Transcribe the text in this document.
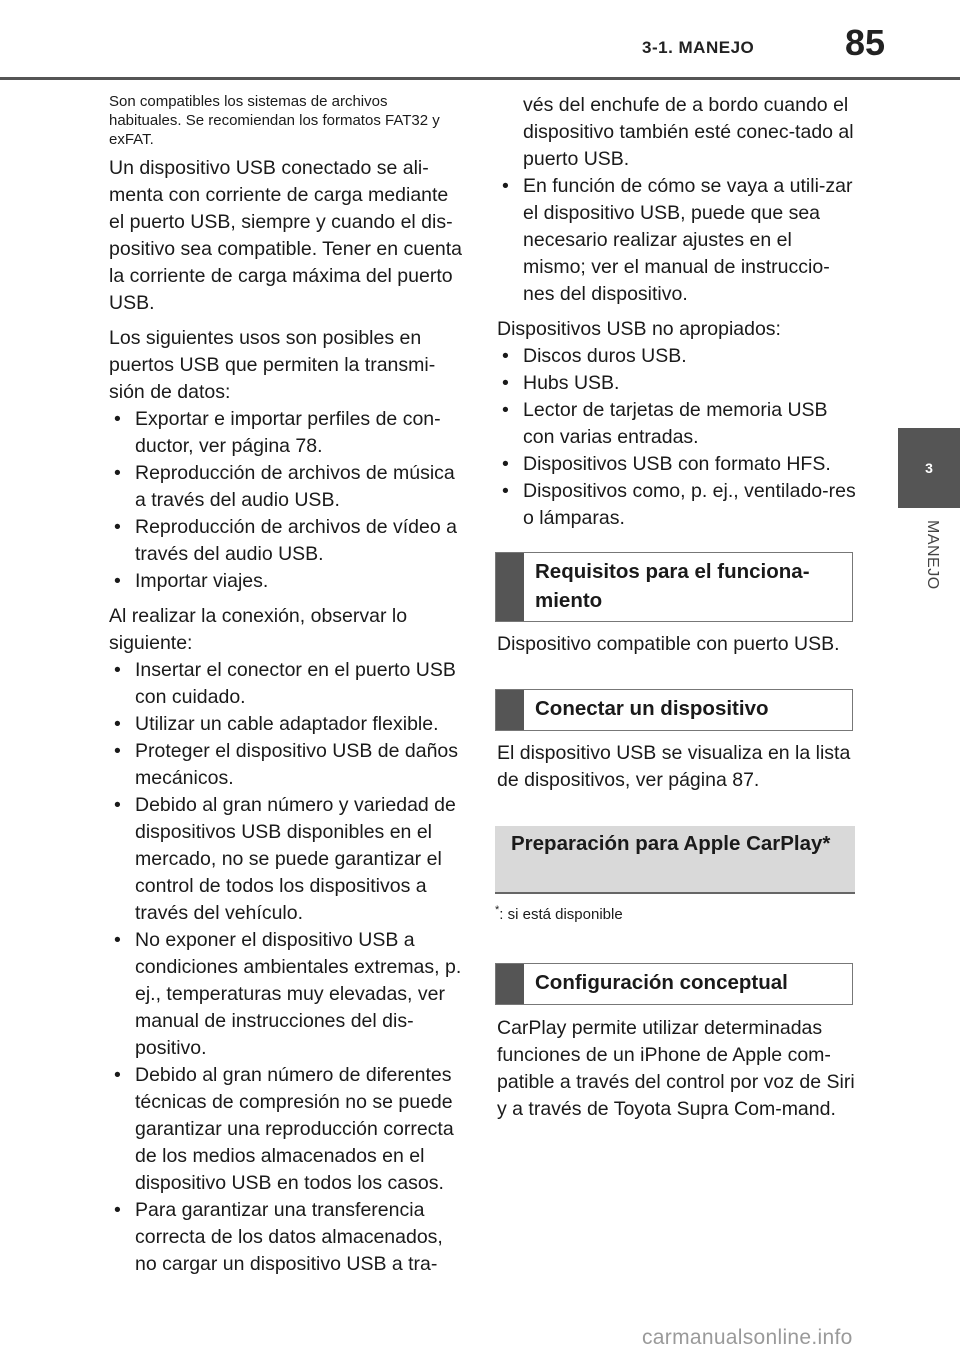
3-1. MANEJO	85
3
MANEJO

Son compatibles los sistemas de archivos habituales. Se recomiendan los formatos FAT32 y exFAT.

Un dispositivo USB conectado se ali-menta con corriente de carga mediante el puerto USB, siempre y cuando el dis-positivo sea compatible. Tener en cuenta la corriente de carga máxima del puerto USB.

Los siguientes usos son posibles en puertos USB que permiten la transmi-sión de datos:

• Exportar e importar perfiles de con-ductor, ver página 78.
• Reproducción de archivos de música a través del audio USB.
• Reproducción de archivos de vídeo a través del audio USB.
• Importar viajes.

Al realizar la conexión, observar lo siguiente:

• Insertar el conector en el puerto USB con cuidado.
• Utilizar un cable adaptador flexible.
• Proteger el dispositivo USB de daños mecánicos.
• Debido al gran número y variedad de dispositivos USB disponibles en el mercado, no se puede garantizar el control de todos los dispositivos a través del vehículo.
• No exponer el dispositivo USB a condiciones ambientales extremas, p. ej., temperaturas muy elevadas, ver manual de instrucciones del dis-positivo.
• Debido al gran número de diferentes técnicas de compresión no se puede garantizar una reproducción correcta de los medios almacenados en el dispositivo USB en todos los casos.
• Para garantizar una transferencia correcta de los datos almacenados, no cargar un dispositivo USB a tra-

vés del enchufe de a bordo cuando el dispositivo también esté conec-tado al puerto USB.

• En función de cómo se vaya a utili-zar el dispositivo USB, puede que sea necesario realizar ajustes en el mismo; ver el manual de instruccio-nes del dispositivo.

Dispositivos USB no apropiados:

• Discos duros USB.
• Hubs USB.
• Lector de tarjetas de memoria USB con varias entradas.
• Dispositivos USB con formato HFS.
• Dispositivos como, p. ej., ventilado-res o lámparas.
Requisitos para el funciona-miento
Dispositivo compatible con puerto USB.
Conectar un dispositivo
El dispositivo USB se visualiza en la lista de dispositivos, ver página 87.
Preparación para Apple CarPlay*
*: si está disponible
Configuración conceptual
CarPlay permite utilizar determinadas funciones de un iPhone de Apple com-patible a través del control por voz de Siri y a través de Toyota Supra Com-mand.
carmanualsonline.info
